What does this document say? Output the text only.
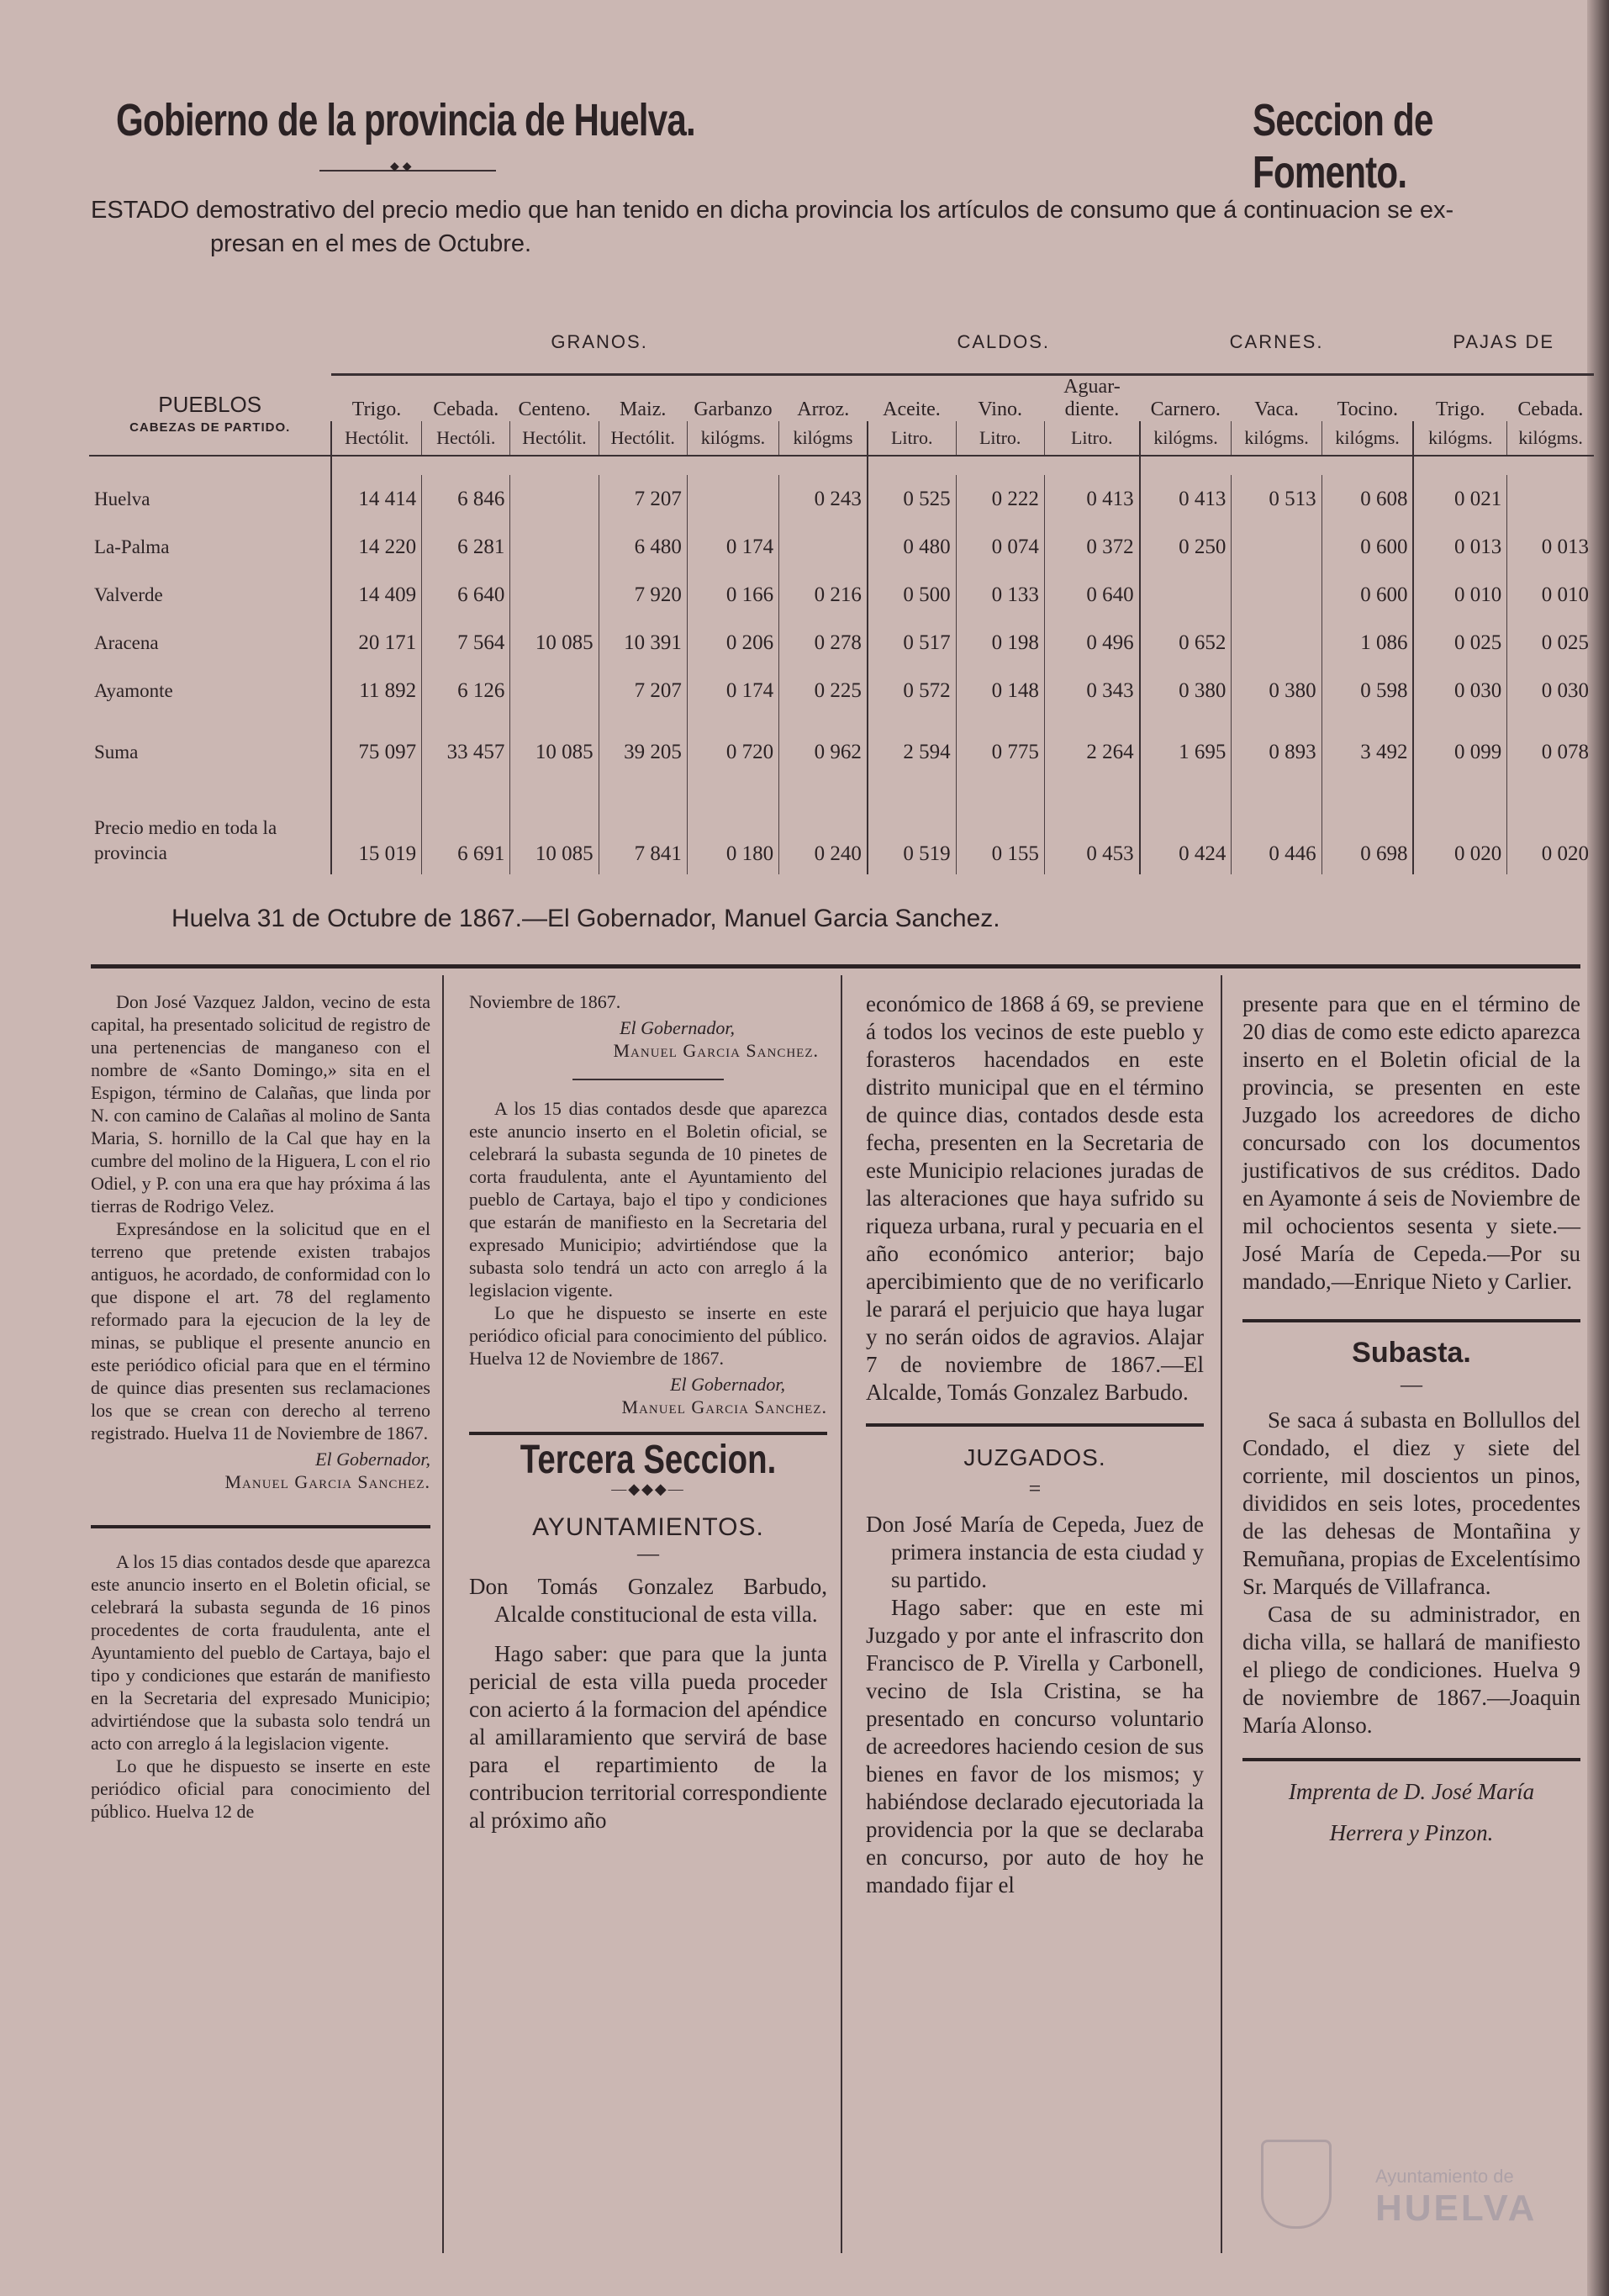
Gobierno de la provincia de Huelva.	Seccion de Fomento.
◆◆
ESTADO demostrativo del precio medio que han tenido en dicha provincia los artículos de consumo que á continuacion se ex-
presan en el mes de Octubre.
PUEBLOS
CABEZAS DE PARTIDO.	GRANOS.						CALDOS.			CARNES.			PAJAS DE	
	Trigo.	Cebada.	Centeno.	Maiz.	Garbanzo	Arroz.	Aceite.	Vino.	Aguar-diente.	Carnero.	Vaca.	Tocino.	Trigo.	Cebada.
	Hectólit.	Hectóli.	Hectólit.	Hectólit.	kilógms.	kilógms	Litro.	Litro.	Litro.	kilógms.	kilógms.	kilógms.	kilógms.	kilógms.

Huelva	14 414	6 846		7 207		0 243	0 525	0 222	0 413	0 413	0 513	0 608	0 021	
La-Palma	14 220	6 281		6 480	0 174		0 480	0 074	0 372	0 250		0 600	0 013	0 013
Valverde	14 409	6 640		7 920	0 166	0 216	0 500	0 133	0 640			0 600	0 010	0 010
Aracena	20 171	7 564	10 085	10 391	0 206	0 278	0 517	0 198	0 496	0 652		1 086	0 025	0 025
Ayamonte	11 892	6 126		7 207	0 174	0 225	0 572	0 148	0 343	0 380	0 380	0 598	0 030	0 030
Suma	75 097	33 457	10 085	39 205	0 720	0 962	2 594	0 775	2 264	1 695	0 893	3 492	0 099	0 078
Precio medio en toda la provincia	15 019	6 691	10 085	7 841	0 180	0 240	0 519	0 155	0 453	0 424	0 446	0 698	0 020	0 020
Huelva 31 de Octubre de 1867.—El Gobernador, Manuel Garcia Sanchez.

Don José Vazquez Jaldon, vecino de esta capital, ha presentado solicitud de registro de una pertenencias de manganeso con el nombre de «Santo Domingo,» sita en el Espigon, término de Calañas, que linda por N. con camino de Calañas al molino de Santa Maria, S. hornillo de la Cal que hay en la cumbre del molino de la Higuera, L con el rio Odiel, y P. con una era que hay próxima á las tierras de Rodrigo Velez.

Expresándose en la solicitud que en el terreno que pretende existen trabajos antiguos, he acordado, de conformidad con lo que dispone el art. 78 del reglamento reformado para la ejecucion de la ley de minas, se publique el presente anuncio en este periódico oficial para que en el término de quince dias presenten sus reclamaciones los que se crean con derecho al terreno registrado. Huelva 11 de Noviembre de 1867.

El Gobernador,
Manuel Garcia Sanchez.

A los 15 dias contados desde que aparezca este anuncio inserto en el Boletin oficial, se celebrará la subasta segunda de 16 pinos procedentes de corta fraudulenta, ante el Ayuntamiento del pueblo de Cartaya, bajo el tipo y condiciones que estarán de manifiesto en la Secretaria del expresado Municipio; advirtiéndose que la subasta solo tendrá un acto con arreglo á la legislacion vigente.

Lo que he dispuesto se inserte en este periódico oficial para conocimiento del público. Huelva 12 de

Noviembre de 1867.

El Gobernador,
Manuel Garcia Sanchez.

A los 15 dias contados desde que aparezca este anuncio inserto en el Boletin oficial, se celebrará la subasta segunda de 10 pinetes de corta fraudulenta, ante el Ayuntamiento del pueblo de Cartaya, bajo el tipo y condiciones que estarán de manifiesto en la Secretaria del expresado Municipio; advirtiéndose que la subasta solo tendrá un acto con arreglo á la legislacion vigente.

Lo que he dispuesto se inserte en este periódico oficial para conocimiento del público. Huelva 12 de Noviembre de 1867.

El Gobernador,
Manuel Garcia Sanchez.
Tercera Seccion.
—◆◆◆—
AYUNTAMIENTOS.
—

Don Tomás Gonzalez Barbudo, Alcalde constitucional de esta villa.

Hago saber: que para que la junta pericial de esta villa pueda proceder con acierto á la formacion del apéndice al amillaramiento que servirá de base para el repartimiento de la contribucion territorial correspondiente al próximo año

económico de 1868 á 69, se previene á todos los vecinos de este pueblo y forasteros hacendados en este distrito municipal que en el término de quince dias, contados desde esta fecha, presenten en la Secretaria de este Municipio relaciones juradas de las alteraciones que haya sufrido su riqueza urbana, rural y pecuaria en el año económico anterior; bajo apercibimiento que de no verificarlo le parará el perjuicio que haya lugar y no serán oidos de agravios. Alajar 7 de noviembre de 1867.—El Alcalde, Tomás Gonzalez Barbudo.

JUZGADOS.
=

Don José María de Cepeda, Juez de primera instancia de esta ciudad y su partido.

Hago saber: que en este mi Juzgado y por ante el infrascrito don Francisco de P. Virella y Carbonell, vecino de Isla Cristina, se ha presentado en concurso voluntario de acreedores haciendo cesion de sus bienes en favor de los mismos; y habiéndose declarado ejecutoriada la providencia por la que se declaraba en concurso, por auto de hoy he mandado fijar el

presente para que en el término de 20 dias de como este edicto aparezca inserto en el Boletin oficial de la provincia, se presenten en este Juzgado los acreedores de dicho concursado con los documentos justificativos de sus créditos. Dado en Ayamonte á seis de Noviembre de mil ochocientos sesenta y siete.—José María de Cepeda.—Por su mandado,—Enrique Nieto y Carlier.

Subasta.
—

Se saca á subasta en Bollullos del Condado, el diez y siete del corriente, mil doscientos un pinos, divididos en seis lotes, procedentes de las dehesas de Montañina y Remuñana, propias de Excelentísimo Sr. Marqués de Villafranca.

Casa de su administrador, en dicha villa, se hallará de manifiesto el pliego de condiciones. Huelva 9 de noviembre de 1867.—Joaquin María Alonso.

Imprenta de D. José María
Herrera y Pinzon.
Ayuntamiento de
HUELVA
